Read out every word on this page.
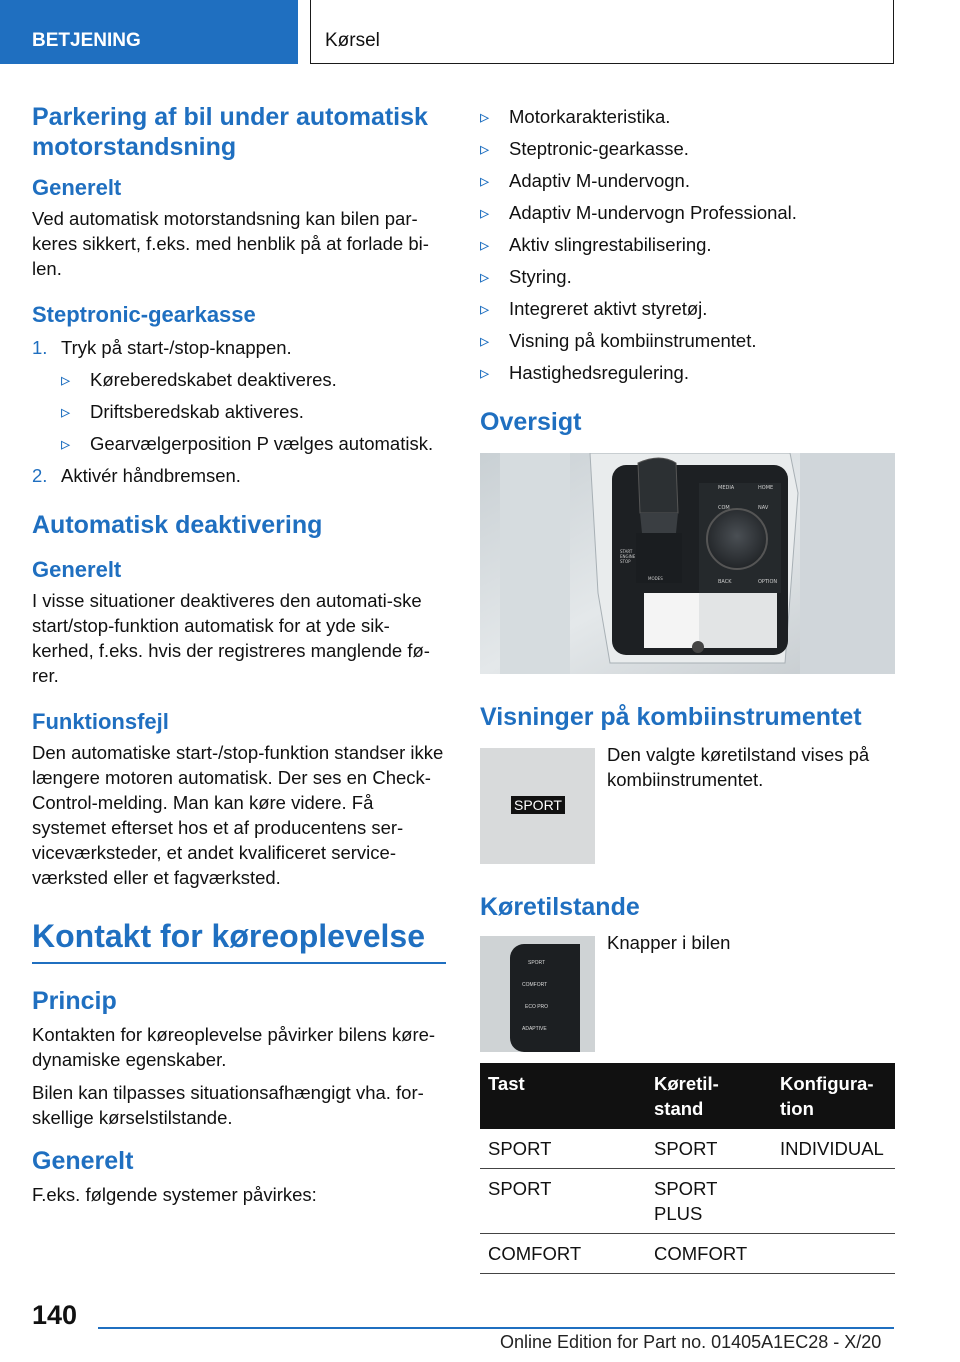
BETJENING	Kørsel
Parkering af bil under automatisk motorstandsning
Generelt

Ved automatisk motorstandsning kan bilen par-keres sikkert, f.eks. med henblik på at forlade bi-len.

Steptronic-gearkasse
1. Tryk på start-/stop-knappen.
▹ Køreberedskabet deaktiveres.
▹ Driftsberedskab aktiveres.
▹ Gearvælgerposition P vælges automatisk.
2. Aktivér håndbremsen.
Automatisk deaktivering
Generelt

I visse situationer deaktiveres den automati-ske start/stop-funktion automatisk for at yde sik-kerhed, f.eks. hvis der registreres manglende fø-rer.

Funktionsfejl

Den automatiske start-/stop-funktion standser ikke længere motoren automatisk. Der ses en Check-Control-melding. Man kan køre videre. Få systemet efterset hos et af producentens ser-viceværksteder, et andet kvalificeret service-værksted eller et fagværksted.

Kontakt for køreoplevelse
Princip

Kontakten for køreoplevelse påvirker bilens køre-dynamiske egenskaber.

Bilen kan tilpasses situationsafhængigt vha. for-skellige kørselstilstande.

Generelt

F.eks. følgende systemer påvirkes:

▹ Motorkarakteristika.
▹ Steptronic-gearkasse.
▹ Adaptiv M-undervogn.
▹ Adaptiv M-undervogn Professional.
▹ Aktiv slingrestabilisering.
▹ Styring.
▹ Integreret aktivt styretøj.
▹ Visning på kombiinstrumentet.
▹ Hastighedsregulering.
Oversigt
MEDIA	HOME
COM	NAV
BACK	OPTION
START
ENGINE
STOP
MODES
Visninger på kombiinstrumentet
SPORT

Den valgte køretilstand vises på kombiinstrumentet.

Køretilstande
SPORT
COMFORT
ECO PRO
ADAPTIVE

Knapper i bilen

Tast	Køretil-stand	Konfigura-tion
SPORT	SPORT	INDIVIDUAL
SPORT	SPORT PLUS	
COMFORT	COMFORT	
140
Online Edition for Part no. 01405A1EC28 - X/20
